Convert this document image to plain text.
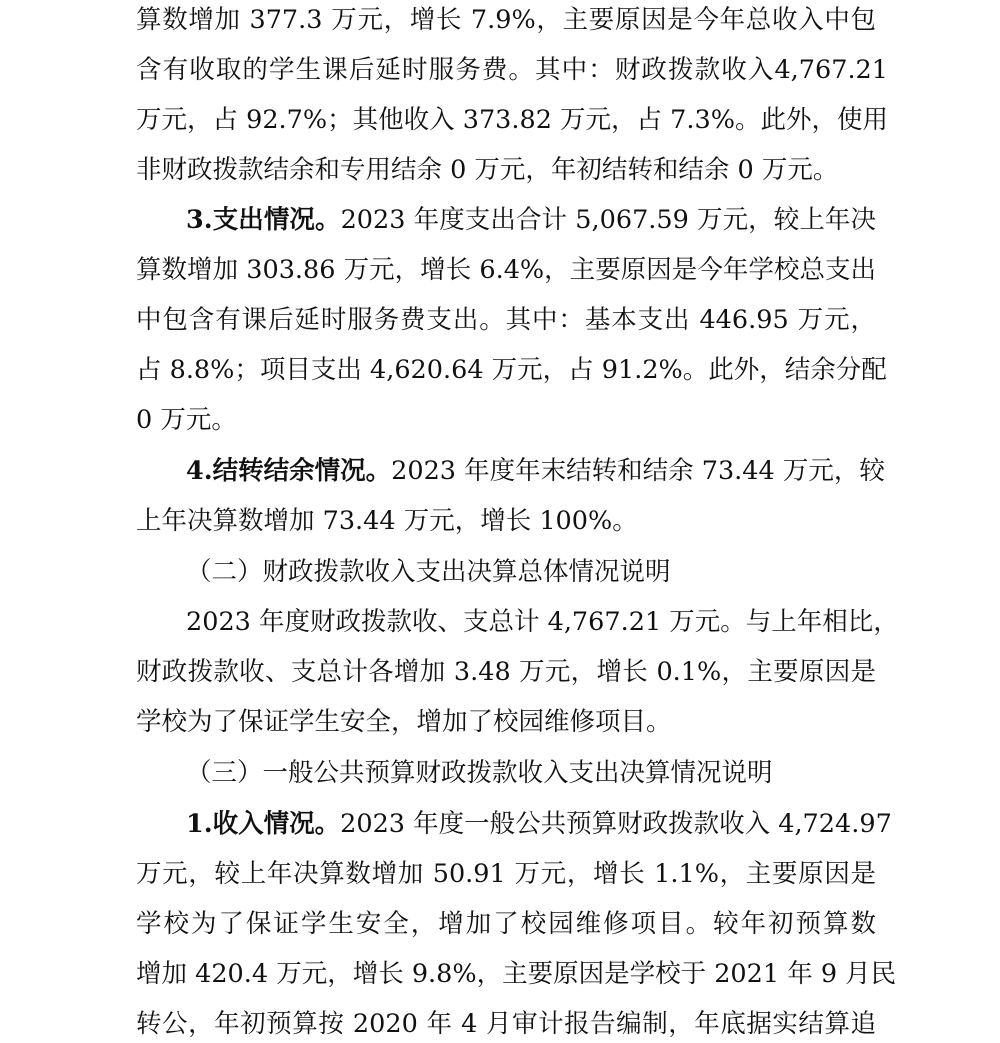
算数增加 377.3 万元，增长 7.9%，主要原因是今年总收入中包
含有收取的学生课后延时服务费。其中：财政拨款收入4,767.21
万元，占 92.7%；其他收入 373.82 万元，占 7.3%。此外，使用
非财政拨款结余和专用结余 0 万元，年初结转和结余 0 万元。
3.支出情况。2023 年度支出合计 5,067.59 万元，较上年决
算数增加 303.86 万元，增长 6.4%，主要原因是今年学校总支出
中包含有课后延时服务费支出。其中：基本支出 446.95 万元，
占 8.8%；项目支出 4,620.64 万元，占 91.2%。此外，结余分配
0 万元。
4.结转结余情况。2023 年度年末结转和结余 73.44 万元，较
上年决算数增加 73.44 万元，增长 100%。
（二）财政拨款收入支出决算总体情况说明
2023 年度财政拨款收、支总计 4,767.21 万元。与上年相比，
财政拨款收、支总计各增加 3.48 万元，增长 0.1%，主要原因是
学校为了保证学生安全，增加了校园维修项目。
（三）一般公共预算财政拨款收入支出决算情况说明
1.收入情况。2023 年度一般公共预算财政拨款收入 4,724.97
万元，较上年决算数增加 50.91 万元，增长 1.1%，主要原因是
学校为了保证学生安全，增加了校园维修项目。较年初预算数
增加 420.4 万元，增长 9.8%，主要原因是学校于 2021 年 9 月民
转公，年初预算按 2020 年 4 月审计报告编制，年底据实结算追
